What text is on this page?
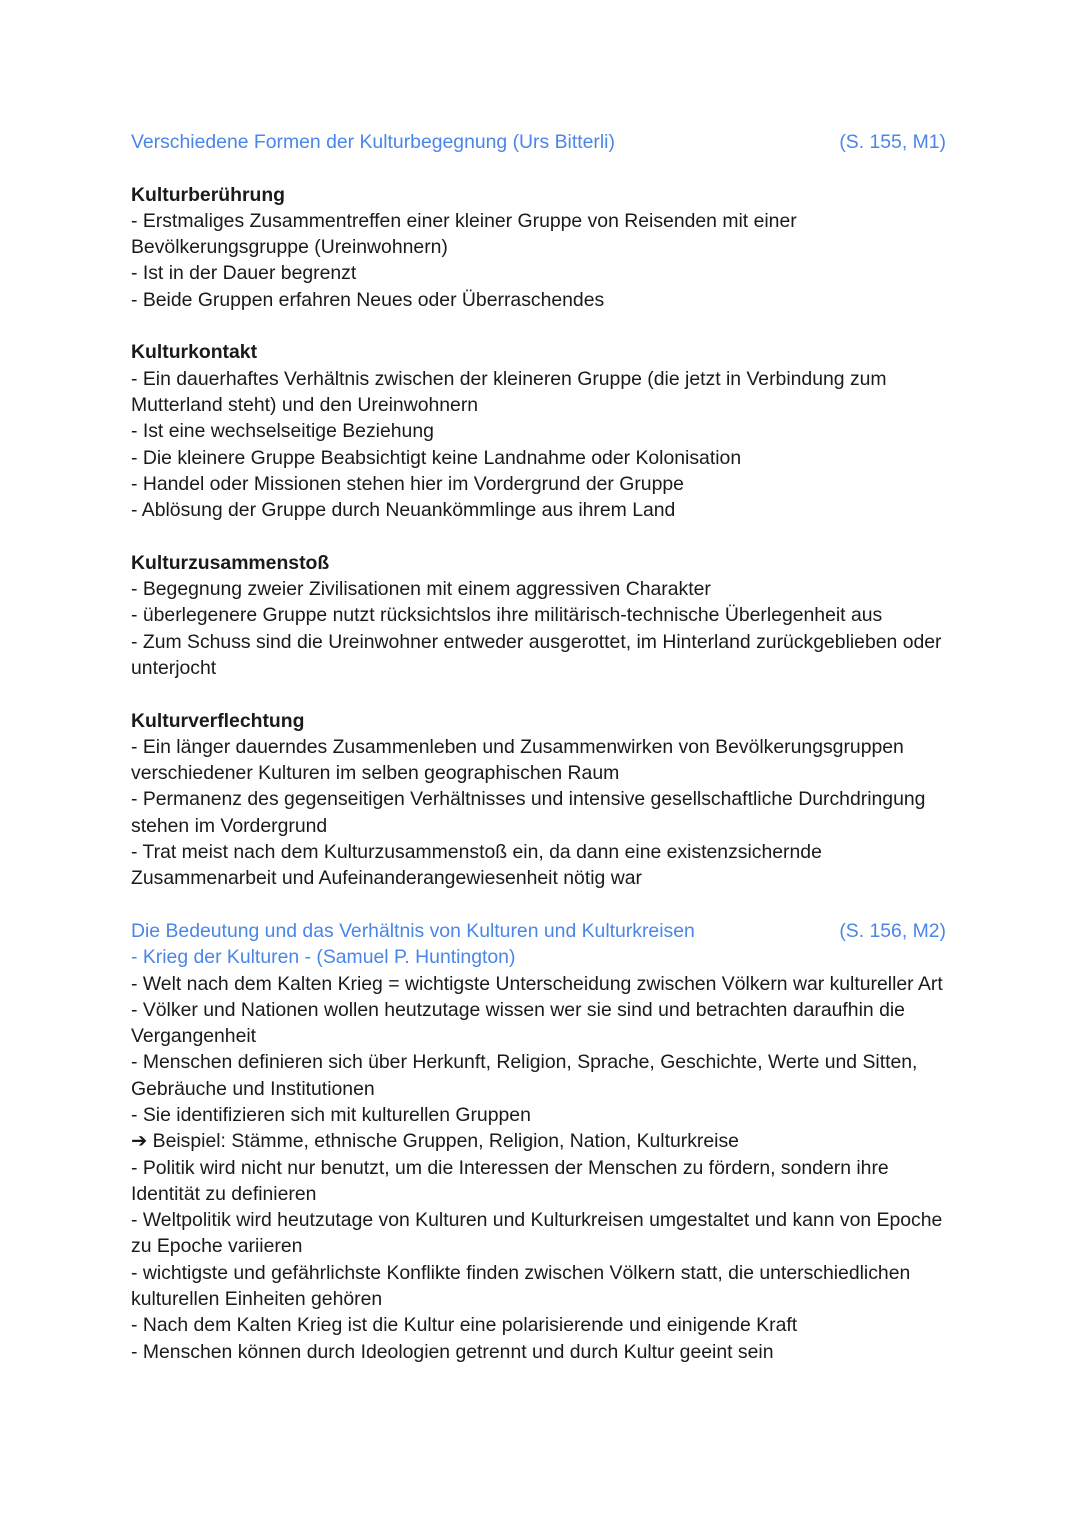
Verschiedene Formen der Kulturbegegnung (Urs Bitterli)	(S. 155, M1)
Kulturberührung
- Erstmaliges Zusammentreffen einer kleiner Gruppe von Reisenden mit einer Bevölkerungsgruppe (Ureinwohnern)
- Ist in der Dauer begrenzt
- Beide Gruppen erfahren Neues oder Überraschendes
Kulturkontakt
- Ein dauerhaftes Verhältnis zwischen der kleineren Gruppe (die jetzt in Verbindung zum Mutterland steht) und den Ureinwohnern
- Ist eine wechselseitige Beziehung
- Die kleinere Gruppe Beabsichtigt keine Landnahme oder Kolonisation
- Handel oder Missionen stehen hier im Vordergrund der Gruppe
- Ablösung der Gruppe durch Neuankömmlinge aus ihrem Land
Kulturzusammenstoß
- Begegnung zweier Zivilisationen mit einem aggressiven Charakter
- überlegenere Gruppe nutzt rücksichtslos ihre militärisch-technische Überlegenheit aus
- Zum Schuss sind die Ureinwohner entweder ausgerottet, im Hinterland zurückgeblieben oder unterjocht
Kulturverflechtung
- Ein länger dauerndes Zusammenleben und Zusammenwirken von Bevölkerungsgruppen verschiedener Kulturen im selben geographischen Raum
- Permanenz des gegenseitigen Verhältnisses und intensive gesellschaftliche Durchdringung stehen im Vordergrund
- Trat meist nach dem Kulturzusammenstoß ein, da dann eine existenzsichernde Zusammenarbeit und Aufeinanderangewiesenheit nötig war
Die Bedeutung und das Verhältnis von Kulturen und Kulturkreisen	(S. 156, M2)
- Krieg der Kulturen - (Samuel P. Huntington)
- Welt nach dem Kalten Krieg = wichtigste Unterscheidung zwischen Völkern war kultureller Art
- Völker und Nationen wollen heutzutage wissen wer sie sind und betrachten daraufhin die Vergangenheit
- Menschen definieren sich über Herkunft, Religion, Sprache, Geschichte, Werte und Sitten, Gebräuche und Institutionen
- Sie identifizieren sich mit kulturellen Gruppen
➔ Beispiel: Stämme, ethnische Gruppen, Religion, Nation, Kulturkreise
- Politik wird nicht nur benutzt, um die Interessen der Menschen zu fördern, sondern ihre Identität zu definieren
- Weltpolitik wird heutzutage von Kulturen und Kulturkreisen umgestaltet und kann von Epoche zu Epoche variieren
- wichtigste und gefährlichste Konflikte finden zwischen Völkern statt, die unterschiedlichen kulturellen Einheiten gehören
- Nach dem Kalten Krieg ist die Kultur eine polarisierende und einigende Kraft
- Menschen können durch Ideologien getrennt und durch Kultur geeint sein
